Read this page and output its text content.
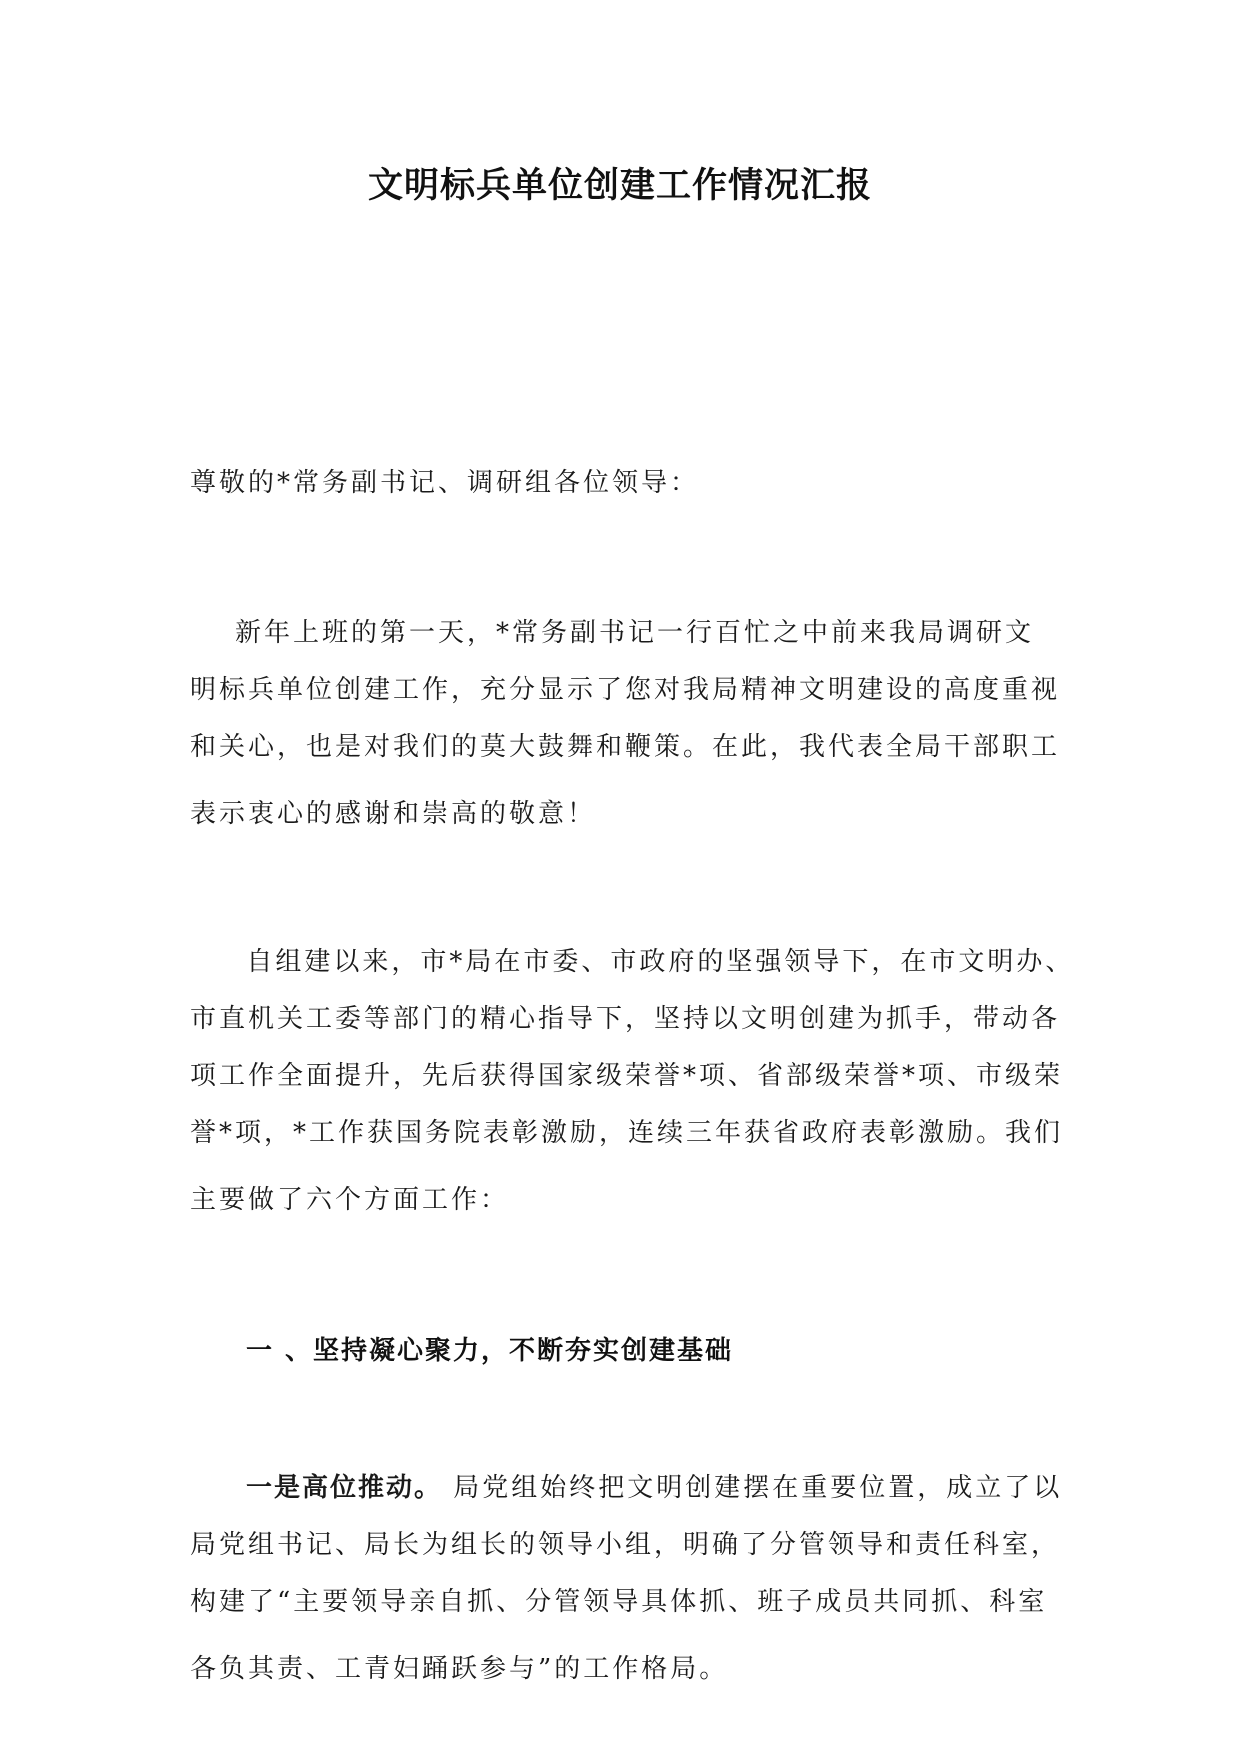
文明标兵单位创建工作情况汇报
尊敬的*常务副书记、调研组各位领导：
新年上班的第一天，*常务副书记一行百忙之中前来我局调研文
明标兵单位创建工作，充分显示了您对我局精神文明建设的高度重视
和关心，也是对我们的莫大鼓舞和鞭策。在此，我代表全局干部职工
表示衷心的感谢和崇高的敬意！
自组建以来，市*局在市委、市政府的坚强领导下，在市文明办、
市直机关工委等部门的精心指导下，坚持以文明创建为抓手，带动各
项工作全面提升，先后获得国家级荣誉*项、省部级荣誉*项、市级荣
誉*项，*工作获国务院表彰激励，连续三年获省政府表彰激励。我们
主要做了六个方面工作：
一 、坚持凝心聚力，不断夯实创建基础
一是高位推动。 局党组始终把文明创建摆在重要位置，成立了以
局党组书记、局长为组长的领导小组，明确了分管领导和责任科室，
构建了“主要领导亲自抓、分管领导具体抓、班子成员共同抓、科室
各负其责、工青妇踊跃参与”的工作格局。
